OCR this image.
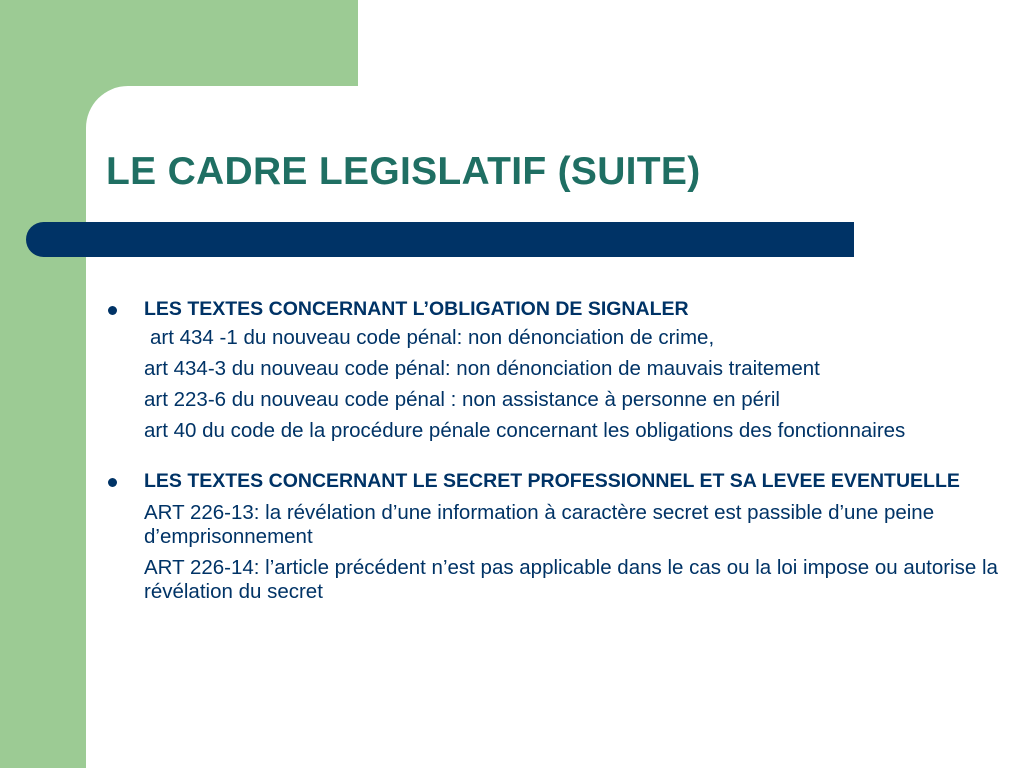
LE CADRE LEGISLATIF (SUITE)
LES TEXTES CONCERNANT L’OBLIGATION DE SIGNALER
art 434 -1 du nouveau code pénal: non dénonciation de crime,
art 434-3 du nouveau code pénal: non dénonciation de mauvais traitement
art 223-6 du nouveau code pénal : non assistance à personne en péril
art 40 du code de la procédure pénale concernant les obligations des fonctionnaires
LES TEXTES CONCERNANT LE SECRET PROFESSIONNEL ET SA LEVEE EVENTUELLE
ART 226-13: la révélation d’une information à caractère secret est passible d’une peine d’emprisonnement
ART 226-14: l’article précédent n’est pas applicable dans le cas ou la loi impose ou autorise la révélation du secret
